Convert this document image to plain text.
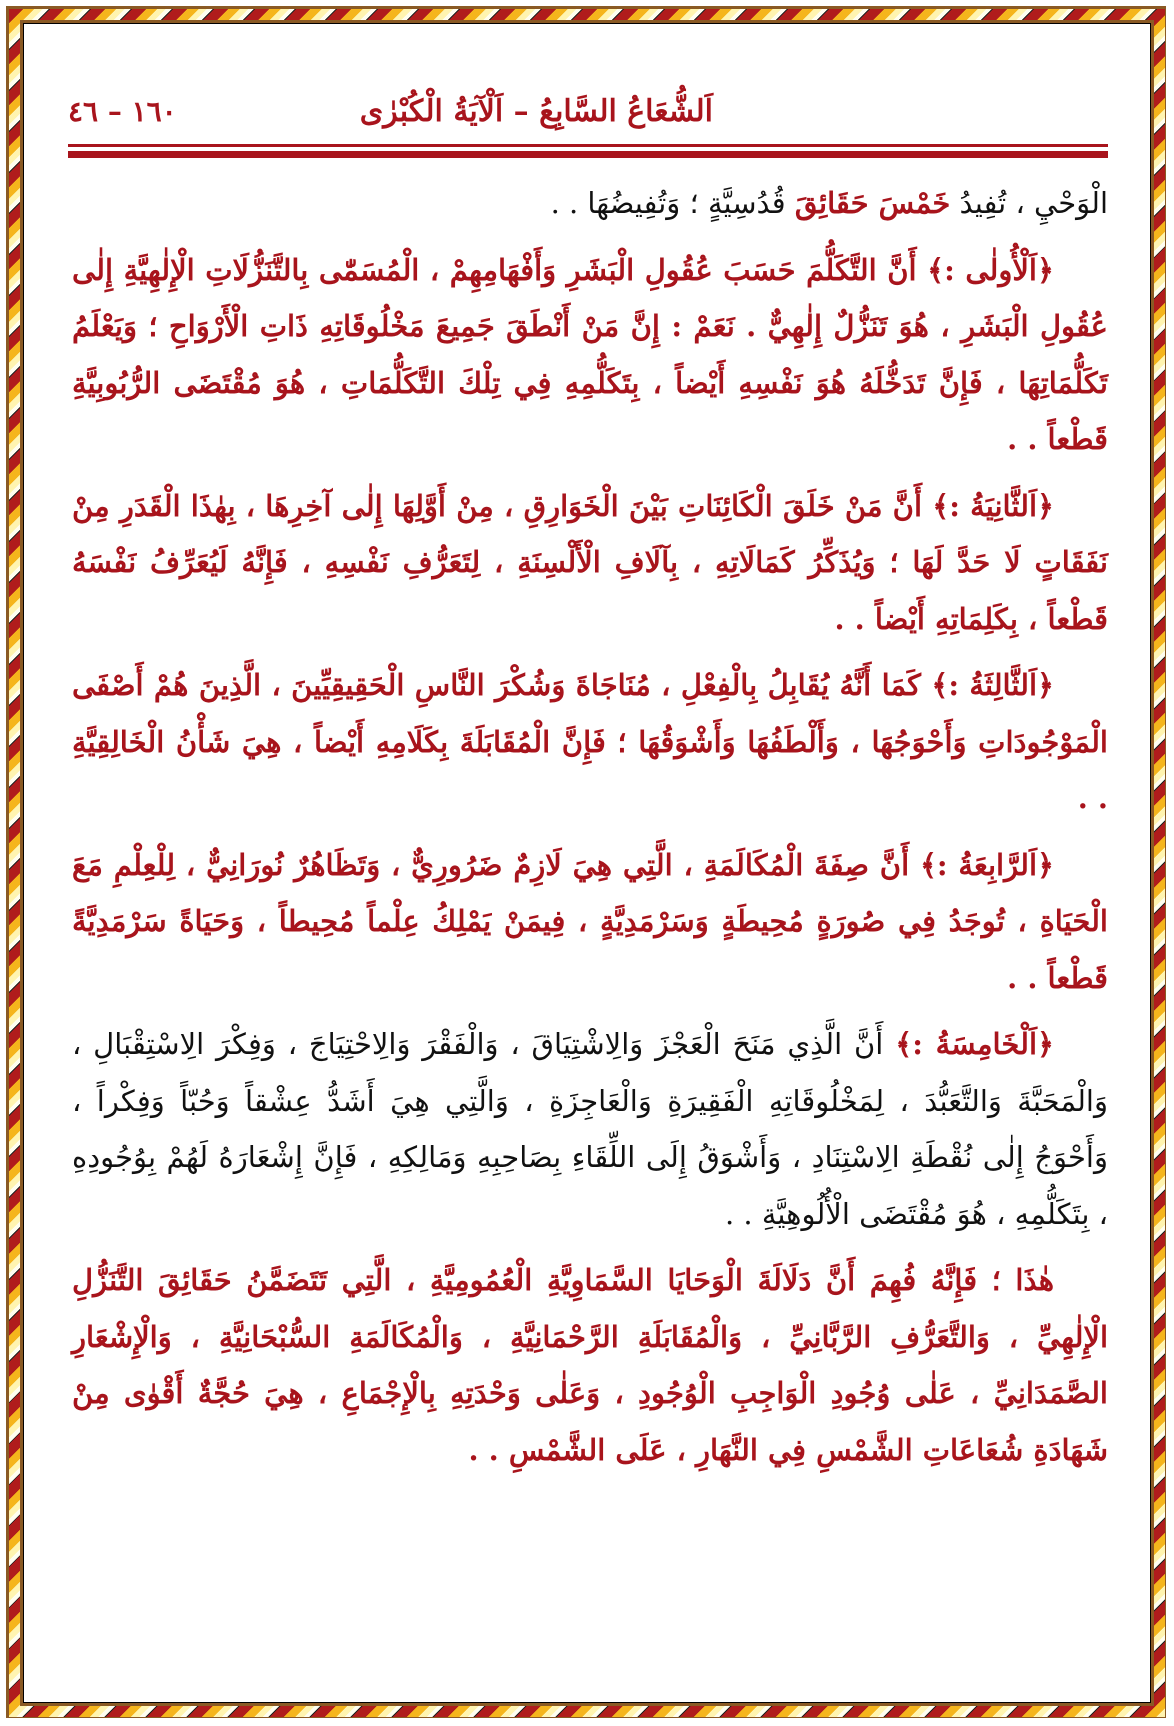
اَلشُّعَاعُ السَّابِعُ – اَلْآيَةُ الْكُبْرٰى
١٦٠ – ٤٦

الْوَحْيِ ، تُفِيدُ خَمْسَ حَقَائِقَ قُدُسِيَّةٍ ؛ وَتُفِيضُهَا . .

﴿اَلْأُولٰى :﴾ أَنَّ التَّكَلُّمَ حَسَبَ عُقُولِ الْبَشَرِ وَأَفْهَامِهِمْ ، الْمُسَمّٰى بِالتَّنَزُّلَاتِ الْإِلٰهِيَّةِ إِلٰى عُقُولِ الْبَشَرِ ، هُوَ تَنَزُّلٌ إِلٰهِيٌّ . نَعَمْ : إِنَّ مَنْ أَنْطَقَ جَمِيعَ مَخْلُوقَاتِهِ ذَاتِ الْأَرْوَاحِ ؛ وَيَعْلَمُ تَكَلُّمَاتِهَا ، فَإِنَّ تَدَخُّلَهُ هُوَ نَفْسِهِ أَيْضاً ، بِتَكَلُّمِهِ فِي تِلْكَ التَّكَلُّمَاتِ ، هُوَ مُقْتَضَى الرُّبُوبِيَّةِ قَطْعاً . .

﴿اَلثَّانِيَةُ :﴾ أَنَّ مَنْ خَلَقَ الْكَائِنَاتِ بَيْنَ الْخَوَارِقِ ، مِنْ أَوَّلِهَا إِلٰى آخِرِهَا ، بِهٰذَا الْقَدَرِ مِنْ نَفَقَاتٍ لَا حَدَّ لَهَا ؛ وَيُذَكِّرُ كَمَالَاتِهِ ، بِآلَافِ الْأَلْسِنَةِ ، لِتَعَرُّفِ نَفْسِهِ ، فَإِنَّهُ لَيُعَرِّفُ نَفْسَهُ قَطْعاً ، بِكَلِمَاتِهِ أَيْضاً . .

﴿اَلثَّالِثَةُ :﴾ كَمَا أَنَّهُ يُقَابِلُ بِالْفِعْلِ ، مُنَاجَاةَ وَشُكْرَ النَّاسِ الْحَقِيقِيِّينَ ، الَّذِينَ هُمْ أَصْفَى الْمَوْجُودَاتِ وَأَحْوَجُهَا ، وَأَلْطَفُهَا وَأَشْوَقُهَا ؛ فَإِنَّ الْمُقَابَلَةَ بِكَلَامِهِ أَيْضاً ، هِيَ شَأْنُ الْخَالِقِيَّةِ . .

﴿اَلرَّابِعَةُ :﴾ أَنَّ صِفَةَ الْمُكَالَمَةِ ، الَّتِي هِيَ لَازِمٌ ضَرُورِيٌّ ، وَتَظَاهُرٌ نُورَانِيٌّ ، لِلْعِلْمِ مَعَ الْحَيَاةِ ، تُوجَدُ فِي صُورَةٍ مُحِيطَةٍ وَسَرْمَدِيَّةٍ ، فِيمَنْ يَمْلِكُ عِلْماً مُحِيطاً ، وَحَيَاةً سَرْمَدِيَّةً قَطْعاً . .

﴿اَلْخَامِسَةُ :﴾ أَنَّ الَّذِي مَنَحَ الْعَجْزَ وَالِاشْتِيَاقَ ، وَالْفَقْرَ وَالِاحْتِيَاجَ ، وَفِكْرَ الِاسْتِقْبَالِ ، وَالْمَحَبَّةَ وَالتَّعَبُّدَ ، لِمَخْلُوقَاتِهِ الْفَقِيرَةِ وَالْعَاجِزَةِ ، وَالَّتِي هِيَ أَشَدُّ عِشْقاً وَحُبّاً وَفِكْراً ، وَأَحْوَجُ إِلٰى نُقْطَةِ الِاسْتِنَادِ ، وَأَشْوَقُ إِلَى اللِّقَاءِ بِصَاحِبِهِ وَمَالِكِهِ ، فَإِنَّ إِشْعَارَهُ لَهُمْ بِوُجُودِهِ ، بِتَكَلُّمِهِ ، هُوَ مُقْتَضَى الْأُلُوهِيَّةِ . .

هٰذَا ؛ فَإِنَّهُ فُهِمَ أَنَّ دَلَالَةَ الْوَحَايَا السَّمَاوِيَّةِ الْعُمُومِيَّةِ ، الَّتِي تَتَضَمَّنُ حَقَائِقَ التَّنَزُّلِ الْإِلٰهِيِّ ، وَالتَّعَرُّفِ الرَّبَّانِيِّ ، وَالْمُقَابَلَةِ الرَّحْمَانِيَّةِ ، وَالْمُكَالَمَةِ السُّبْحَانِيَّةِ ، وَالْإِشْعَارِ الصَّمَدَانِيِّ ، عَلٰى وُجُودِ الْوَاجِبِ الْوُجُودِ ، وَعَلٰى وَحْدَتِهِ بِالْإِجْمَاعِ ، هِيَ حُجَّةٌ أَقْوٰى مِنْ شَهَادَةِ شُعَاعَاتِ الشَّمْسِ فِي النَّهَارِ ، عَلَى الشَّمْسِ . .
